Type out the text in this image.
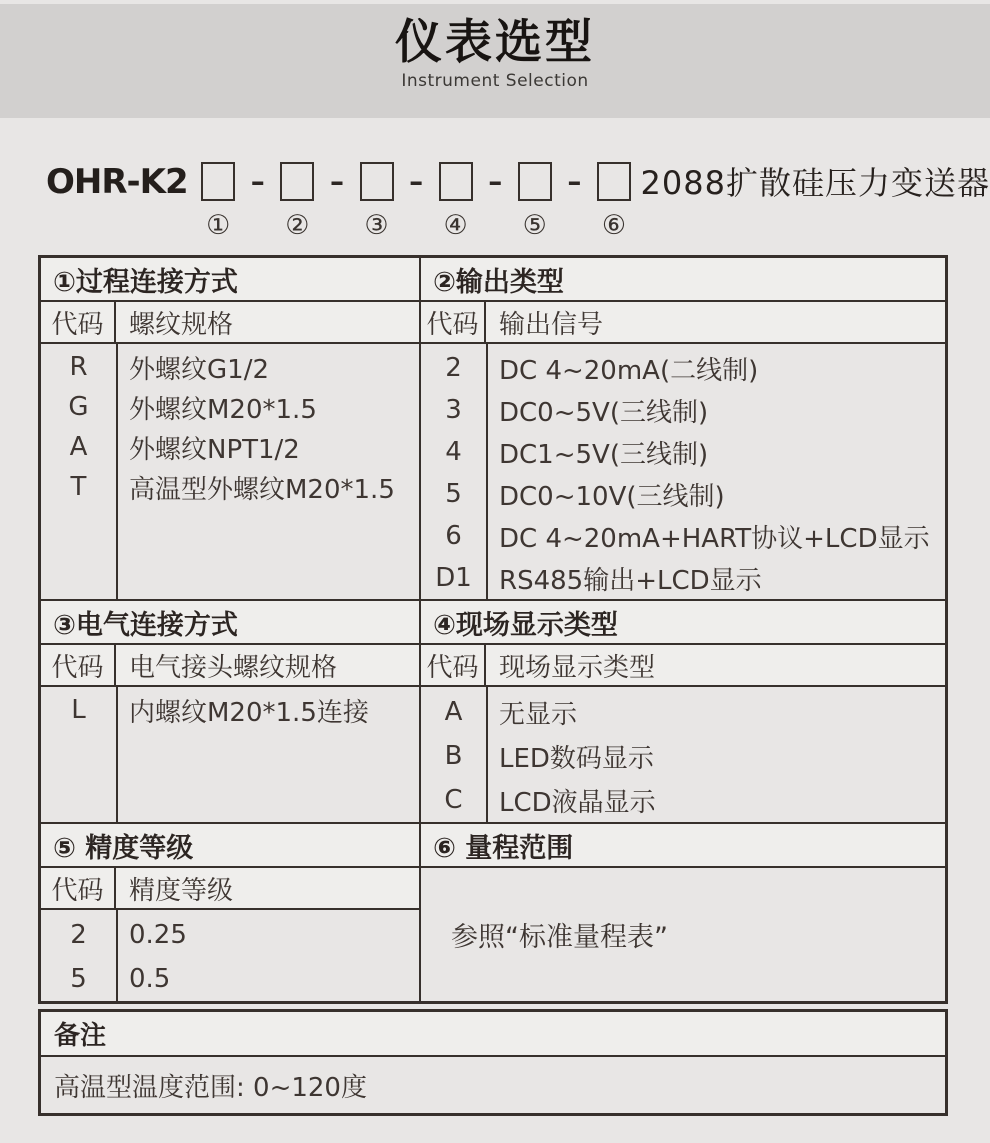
仪表选型
Instrument Selection
OHR-K2
①
–
②
–
③
–
④
–
⑤
–
⑥
2088扩散硅压力变送器
①过程连接方式
代码 螺纹规格
R	外螺纹G1/2
G	外螺纹M20*1.5
A	外螺纹NPT1/2
T	高温型外螺纹M20*1.5
②输出类型
代码 输出信号
2	DC 4~20mA(二线制)
3	DC0~5V(三线制)
4	DC1~5V(三线制)
5	DC0~10V(三线制)
6	DC 4~20mA+HART协议+LCD显示
D1	RS485输出+LCD显示
③电气连接方式
代码 电气接头螺纹规格
L	内螺纹M20*1.5连接
④现场显示类型
代码 现场显示类型
A	无显示
B	LED数码显示
C	LCD液晶显示
⑤ 精度等级
代码 精度等级
2	0.25
5	0.5
⑥ 量程范围
参照“标准量程表”
备注
高温型温度范围: 0~120度
